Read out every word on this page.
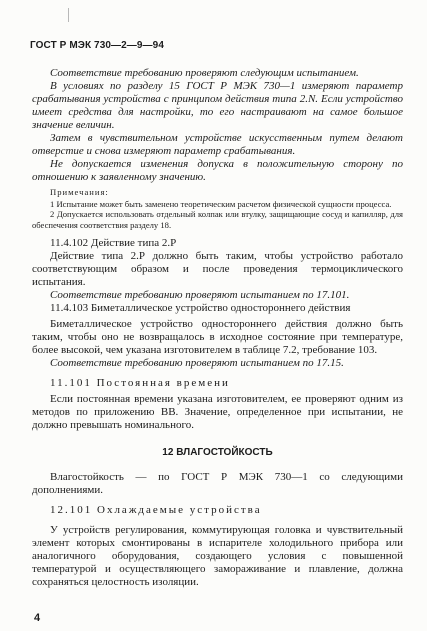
ГОСТ Р МЭК 730—2—9—94

Соответствие требованию проверяют следующим испытанием.

В условиях по разделу 15 ГОСТ Р МЭК 730—1 измеряют параметр срабатывания устройства с принципом действия типа 2.N. Если устройство имеет средства для настройки, то его настраивают на самое большое значение величин.

Затем в чувствительном устройстве искусственным путем делают отверстие и снова измеряют параметр срабатывания.

Не допускается изменения допуска в положительную сторону по отношению к заявленному значению.

Примечания:

1 Испытание может быть заменено теоретическим расчетом физической сущности процесса.

2 Допускается использовать отдельный колпак или втулку, защищающие сосуд и капилляр, для обеспечения соответствия разделу 18.

11.4.102 Действие типа 2.Р

Действие типа 2.Р должно быть таким, чтобы устройство работало соответствующим образом и после проведения термоциклического испытания.

Соответствие требованию проверяют испытанием по 17.101.

11.4.103 Биметаллическое устройство одностороннего действия

Биметаллическое устройство одностороннего действия должно быть таким, чтобы оно не возвращалось в исходное состояние при температуре, более высокой, чем указана изготовителем в таблице 7.2, требование 103.

Соответствие требованию проверяют испытанием по 17.15.

11.101 Постоянная времени

Если постоянная времени указана изготовителем, ее проверяют одним из методов по приложению ВВ. Значение, определенное при испытании, не должно превышать номинального.

12 ВЛАГОСТОЙКОСТЬ

Влагостойкость — по ГОСТ Р МЭК 730—1 со следующими дополнениями.

12.101 Охлаждаемые устройства

У устройств регулирования, коммутирующая головка и чувствительный элемент которых смонтированы в испарителе холодильного прибора или аналогичного оборудования, создающего условия с повышенной температурой и осуществляющего замораживание и плавление, должна сохраняться целостность изоляции.

4
